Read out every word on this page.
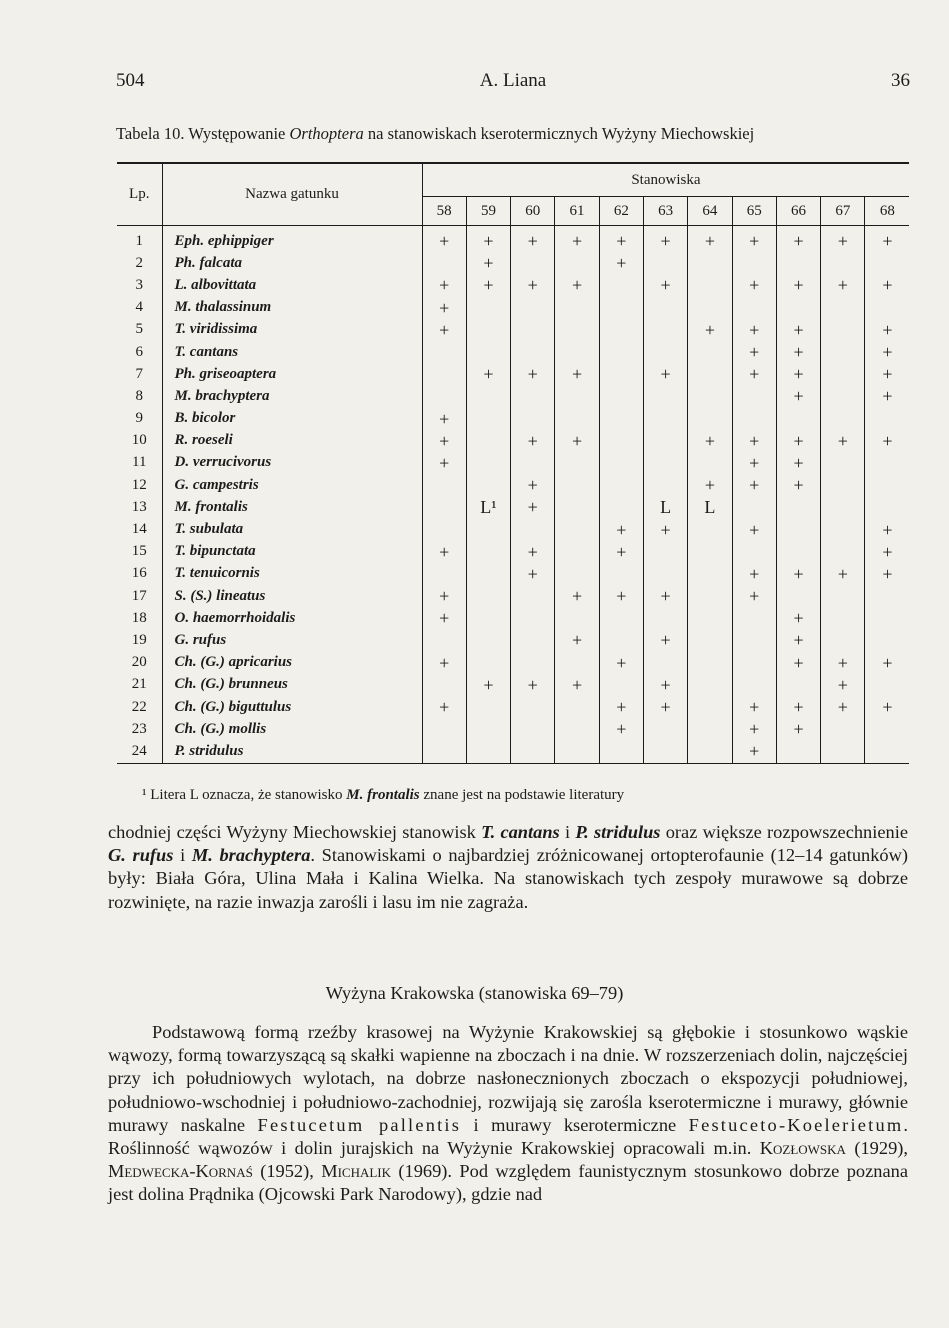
504	A. Liana	36
Tabela 10. Występowanie Orthoptera na stanowiskach kserotermicznych Wyżyny Miechowskiej
Lp.	Nazwa gatunku	Stanowiska										
		58	59	60	61	62	63	64	65	66	67	68
1	Eph. ephippiger	+	+	+	+	+	+	+	+	+	+	+
2	Ph. falcata		+			+						
3	L. albovittata	+	+	+	+		+		+	+	+	+
4	M. thalassinum	+										
5	T. viridissima	+						+	+	+		+
6	T. cantans								+	+		+
7	Ph. griseoaptera		+	+	+		+		+	+		+
8	M. brachyptera									+		+
9	B. bicolor	+										
10	R. roeseli	+		+	+			+	+	+	+	+
11	D. verrucivorus	+							+	+		
12	G. campestris			+				+	+	+		
13	M. frontalis		L¹	+			L	L				
14	T. subulata					+	+		+			+
15	T. bipunctata	+		+		+						+
16	T. tenuicornis			+					+	+	+	+
17	S. (S.) lineatus	+			+	+	+		+			
18	O. haemorrhoidalis	+								+		
19	G. rufus				+		+			+		
20	Ch. (G.) apricarius	+				+				+	+	+
21	Ch. (G.) brunneus		+	+	+		+				+	
22	Ch. (G.) biguttulus	+				+	+		+	+	+	+
23	Ch. (G.) mollis					+			+	+		
24	P. stridulus								+			
¹ Litera L oznacza, że stanowisko M. frontalis znane jest na podstawie literatury

chodniej części Wyżyny Miechowskiej stanowisk T. cantans i P. stridulus oraz większe rozpowszechnienie G. rufus i M. brachyptera. Stanowiskami o najbardziej zróżnicowanej ortopterofaunie (12–14 gatunków) były: Biała Góra, Ulina Mała i Kalina Wielka. Na stanowiskach tych zespoły murawowe są dobrze rozwinięte, na razie inwazja zarośli i lasu im nie zagraża.

Wyżyna Krakowska (stanowiska 69–79)

Podstawową formą rzeźby krasowej na Wyżynie Krakowskiej są głębokie i stosunkowo wąskie wąwozy, formą towarzyszącą są skałki wapienne na zboczach i na dnie. W rozszerzeniach dolin, najczęściej przy ich południowych wylotach, na dobrze nasłonecznionych zboczach o ekspozycji południowej, południowo-wschodniej i południowo-zachodniej, rozwijają się zarośla kserotermiczne i murawy, głównie murawy naskalne Festucetum pallentis i murawy kserotermiczne Festuceto-Koelerietum. Roślinność wąwozów i dolin jurajskich na Wyżynie Krakowskiej opracowali m.in. Kozłowska (1929), Medwecka-Kornaś (1952), Michalik (1969). Pod względem faunistycznym stosunkowo dobrze poznana jest dolina Prądnika (Ojcowski Park Narodowy), gdzie nad
